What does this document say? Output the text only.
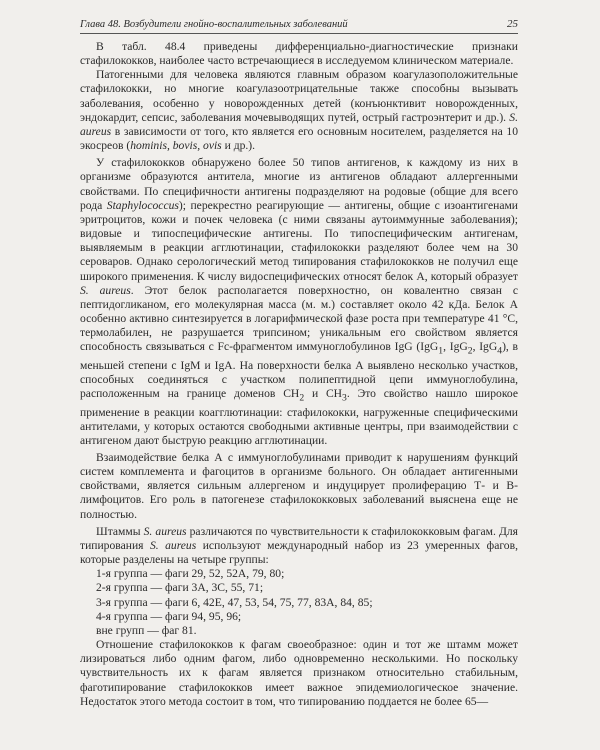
Глава 48. Возбудители гнойно-воспалительных заболеваний	25

В табл. 48.4 приведены дифференциально-диагностические признаки стафилококков, наиболее часто встречающиеся в исследуемом клиническом материале.

Патогенными для человека являются главным образом коагулазоположительные стафилококки, но многие коагулазоотрицательные также способны вызывать заболевания, особенно у новорожденных детей (конъюнктивит новорожденных, эндокардит, сепсис, заболевания мочевыводящих путей, острый гастроэнтерит и др.). S. aureus в зависимости от того, кто является его основным носителем, разделяется на 10 экосреов (hominis, bovis, ovis и др.).

У стафилококков обнаружено более 50 типов антигенов, к каждому из них в организме образуются антитела, многие из антигенов обладают аллергенными свойствами. По специфичности антигены подразделяют на родовые (общие для всего рода Staphylococcus); перекрестно реагирующие — антигены, общие с изоантигенами эритроцитов, кожи и почек человека (с ними связаны аутоиммунные заболевания); видовые и типоспецифические антигены. По типоспецифическим антигенам, выявляемым в реакции агглютинации, стафилококки разделяют более чем на 30 сероваров. Однако серологический метод типирования стафилококков не получил еще широкого применения. К числу видоспецифических относят белок А, который образует S. aureus. Этот белок располагается поверхностно, он ковалентно связан с пептидогликаном, его молекулярная масса (м. м.) составляет около 42 кДа. Белок А особенно активно синтезируется в логарифмической фазе роста при температуре 41 °С, термолабилен, не разрушается трипсином; уникальным его свойством является способность связываться с Fc-фрагментом иммуноглобулинов IgG (IgG$_1$, IgG$_2$, IgG$_4$), в меньшей степени с IgM и IgA. На поверхности белка А выявлено несколько участков, способных соединяться с участком полипептидной цепи иммуноглобулина, расположенным на границе доменов $CH_2$ и $CH_3$. Это свойство нашло широкое применение в реакции коагглютинации: стафилококки, нагруженные специфическими антителами, у которых остаются свободными активные центры, при взаимодействии с антигеном дают быструю реакцию агглютинации.

Взаимодействие белка А с иммуноглобулинами приводит к нарушениям функций систем комплемента и фагоцитов в организме больного. Он обладает антигенными свойствами, является сильным аллергеном и индуцирует пролиферацию Т- и В-лимфоцитов. Его роль в патогенезе стафилококковых заболеваний выяснена еще не полностью.

Штаммы S. aureus различаются по чувствительности к стафилококковым фагам. Для типирования S. aureus используют международный набор из 23 умеренных фагов, которые разделены на четыре группы:

1-я группа — фаги 29, 52, 52А, 79, 80;

2-я группа — фаги 3А, 3С, 55, 71;

3-я группа — фаги 6, 42Е, 47, 53, 54, 75, 77, 83А, 84, 85;

4-я группа — фаги 94, 95, 96;

вне групп — фаг 81.

Отношение стафилококков к фагам своеобразное: один и тот же штамм может лизироваться либо одним фагом, либо одновременно несколькими. Но поскольку чувствительность их к фагам является признаком относительно стабильным, фаготипирование стафилококков имеет важное эпидемиологическое значение. Недостаток этого метода состоит в том, что типированию поддается не более 65—
